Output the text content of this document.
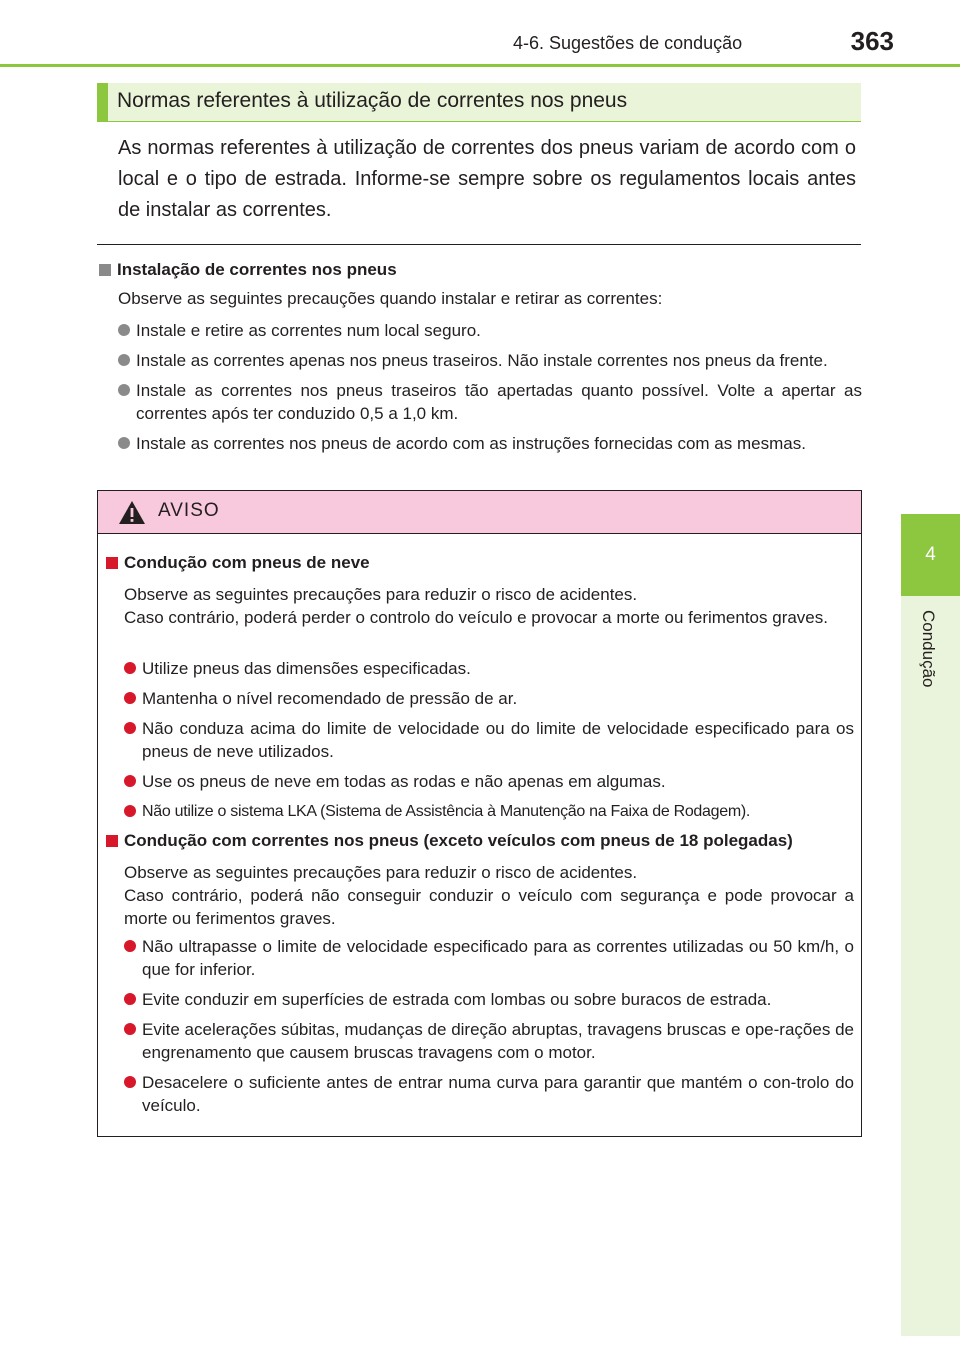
4-6. Sugestões de condução	363
4
Condução
Normas referentes à utilização de correntes nos pneus
As normas referentes à utilização de correntes dos pneus variam de acordo com o local e o tipo de estrada. Informe-se sempre sobre os regulamentos locais antes de instalar as correntes.
Instalação de correntes nos pneus
Observe as seguintes precauções quando instalar e retirar as correntes:
Instale e retire as correntes num local seguro.
Instale as correntes apenas nos pneus traseiros. Não instale correntes nos pneus da frente.
Instale as correntes nos pneus traseiros tão apertadas quanto possível. Volte a apertar as correntes após ter conduzido 0,5 a 1,0 km.
Instale as correntes nos pneus de acordo com as instruções fornecidas com as mesmas.
AVISO
Condução com pneus de neve
Observe as seguintes precauções para reduzir o risco de acidentes.
Caso contrário, poderá perder o controlo do veículo e provocar a morte ou ferimentos graves.
Utilize pneus das dimensões especificadas.
Mantenha o nível recomendado de pressão de ar.
Não conduza acima do limite de velocidade ou do limite de velocidade especificado para os pneus de neve utilizados.
Use os pneus de neve em todas as rodas e não apenas em algumas.
Não utilize o sistema LKA (Sistema de Assistência à Manutenção na Faixa de Rodagem).
Condução com correntes nos pneus (exceto veículos com pneus de 18 polegadas)
Observe as seguintes precauções para reduzir o risco de acidentes.
Caso contrário, poderá não conseguir conduzir o veículo com segurança e pode provocar a morte ou ferimentos graves.
Não ultrapasse o limite de velocidade especificado para as correntes utilizadas ou 50 km/h, o que for inferior.
Evite conduzir em superfícies de estrada com lombas ou sobre buracos de estrada.
Evite acelerações súbitas, mudanças de direção abruptas, travagens bruscas e ope-rações de engrenamento que causem bruscas travagens com o motor.
Desacelere o suficiente antes de entrar numa curva para garantir que mantém o con-trolo do veículo.
